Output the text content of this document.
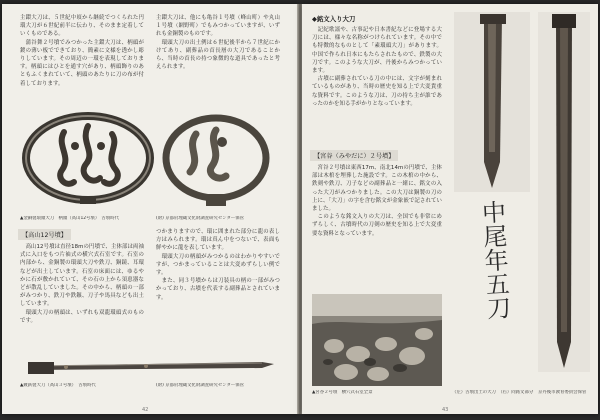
主鐶大刀は、５世紀中頃から継続でつくられた円環大刀が６世紀前半に伝わり、そのまま定着していくものである。
　蒲谷舞２号墳でみつかった主鐶大刀は、柄頭が鍍の薄い板でできており、簡素に文様を透かし彫りしています。その周辺の一環を表現しております。柄頭にはひとを通す穴があり、柄頭飾りのあともふくまれていて、柄頭のあたりに刀の布が付着しております。

主鐶大刀は、他にも亀谷１号墳（峰山町）や丸山１号墳（網野町）でもみつかっていますが、いずれも金銅製のものです。
　環頭大刀の出土例は６世紀後半から７世紀にかけてあり、副葬品の首長層の大刀であることから、当時の首長の持つ象徴的な道具であったと考えられます。

▲金銅製環頭大刀　柄頭（高山12号墳）　古墳時代	(財) 京都府埋蔵文化財調査研究センター保管

【高山12号墳】

　高山12号墳は直径18mの円墳で、主体部は両袖式に入口をもつ片袖式の横穴式石室です。石室の内部から、金銅製の環頭大刀や鉄刀、銅鏡、耳環などが出土しています。石室の床面には、ゆるやかに石が敷かれていて、その石の上から須恵器などが散乱していました。その中から、柄頭の一部がみつかり、鉄刀や鉄鏃、刀子や馬具なども出土しています。
　環頭大刀の柄頭は、いずれも双龍環頭式のものです。

つかまりますので、環に囲まれた部分に龍の表し方はみられます。環は真ん中をつないで、表面も鮮やかに龍を表しています。
　環頭大刀の柄頭がみつかるのはわかりやすいですが、つかまっていることは大変めずらしい例です。
　また、同３号墳からは刀装具の柄の一部がみつかっており、古墳を代表する副葬品とされています。

▲鍍鉄製大刀（高山３号墳）　古墳時代	(財) 京都府埋蔵文化財調査研究センター保管

42

◆銘文入り大刀

　記紀歌謡や、古事記や日本書紀などに登場する大刀には、様々な名称がつけられています。その中でも特徴的なものとして「素環頭大刀」があります。中国で作られ日本にもたらされたもので、鉄製の大刀です。このような大刀が、丹後からみつかっています。
　古墳に副葬されている刀の中には、文字が刻まれているものがあり、当時の歴史を知る上で大変貴重な資料です。このような刀は、刀の持ち主が誰であったのかを知る手がかりとなっています。

【宮谷（みやだに）２号墳】

　宮谷２号墳は東西17m、南北14mの円墳で、主体部は木棺を埋葬した施設です。この木棺の中から、鉄剣や鉄刀、刀子などの副葬品と一緒に、銘文の入った大刀がみつかりました。この大刀は銅製の刀の上に、「大刀」の字を含む銘文が金象嵌で記されていました。
　このような銘文入りの大刀は、全国でも非常にめずらしく、古墳時代の刀剣の歴史を知る上で大変重要な資料となっています。

▲宮谷２号墳　横穴式石室全景

中尾年五刀

（左）古墳出土の大刀　（右）同銘文部分	京丹後市教育委員会保管

43
